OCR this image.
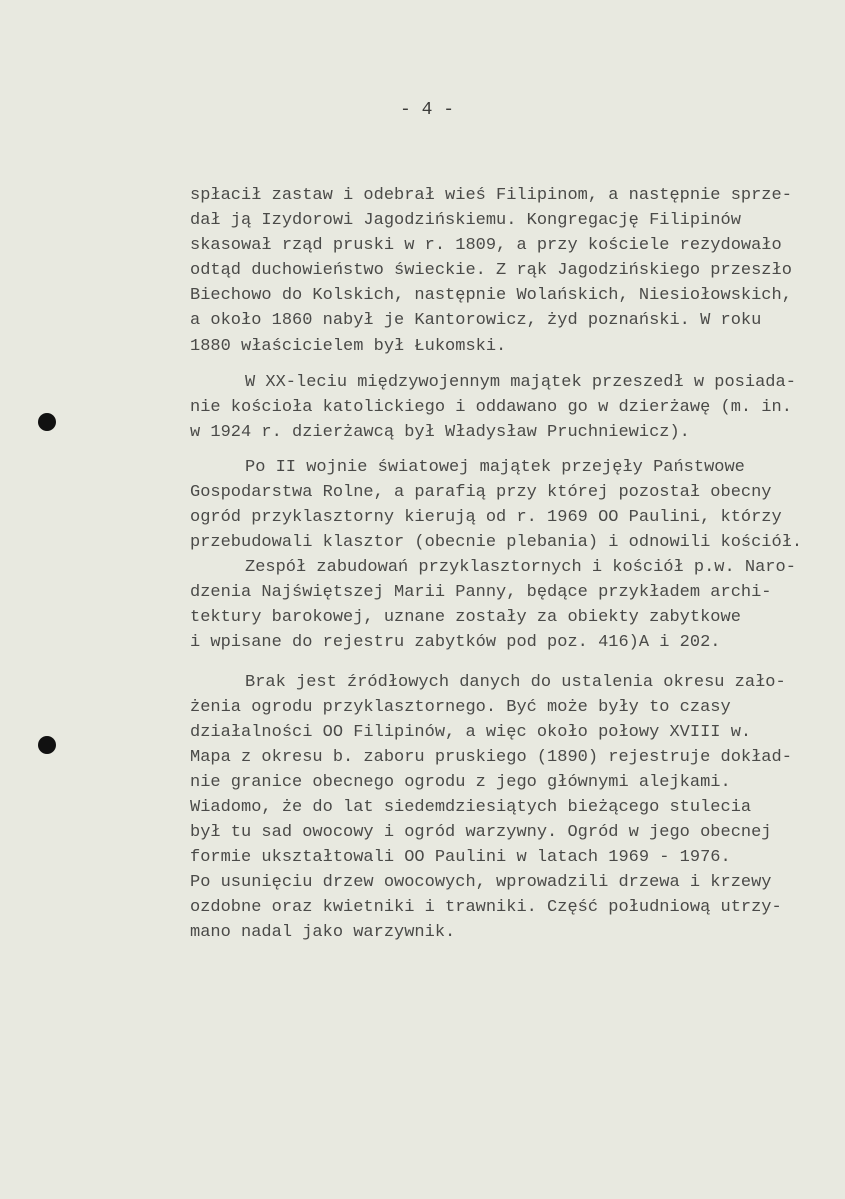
- 4 -
spłacił zastaw i odebrał wieś Filipinom, a następnie sprze-
dał ją Izydorowi Jagodzińskiemu. Kongregację Filipinów
skasował rząd pruski w r. 1809, a przy kościele rezydowało
odtąd duchowieństwo świeckie. Z rąk Jagodzińskiego przeszło
Biechowo do Kolskich, następnie Wolańskich, Niesiołowskich,
a około 1860 nabył je Kantorowicz, żyd poznański. W roku
1880 właścicielem był Łukomski.
W XX-leciu międzywojennym majątek przeszedł w posiada-
nie kościoła katolickiego i oddawano go w dzierżawę (m. in.
w 1924 r. dzierżawcą był Władysław Pruchniewicz).
Po II wojnie światowej majątek przejęły Państwowe
Gospodarstwa Rolne, a parafią przy której pozostał obecny
ogród przyklasztorny kierują od r. 1969 OO Paulini, którzy
przebudowali klasztor (obecnie plebania) i odnowili kościół.
Zespół zabudowań przyklasztornych i kościół p.w. Naro-
dzenia Najświętszej Marii Panny, będące przykładem archi-
tektury barokowej, uznane zostały za obiekty zabytkowe
i wpisane do rejestru zabytków pod poz. 416)A i 202.
Brak jest źródłowych danych do ustalenia okresu zało-
żenia ogrodu przyklasztornego. Być może były to czasy
działalności OO Filipinów, a więc około połowy XVIII w.
Mapa z okresu b. zaboru pruskiego (1890) rejestruje dokład-
nie granice obecnego ogrodu z jego głównymi alejkami.
Wiadomo, że do lat siedemdziesiątych bieżącego stulecia
był tu sad owocowy i ogród warzywny. Ogród w jego obecnej
formie ukształtowali OO Paulini w latach 1969 - 1976.
Po usunięciu drzew owocowych, wprowadzili drzewa i krzewy
ozdobne oraz kwietniki i trawniki. Część południową utrzy-
mano nadal jako warzywnik.
